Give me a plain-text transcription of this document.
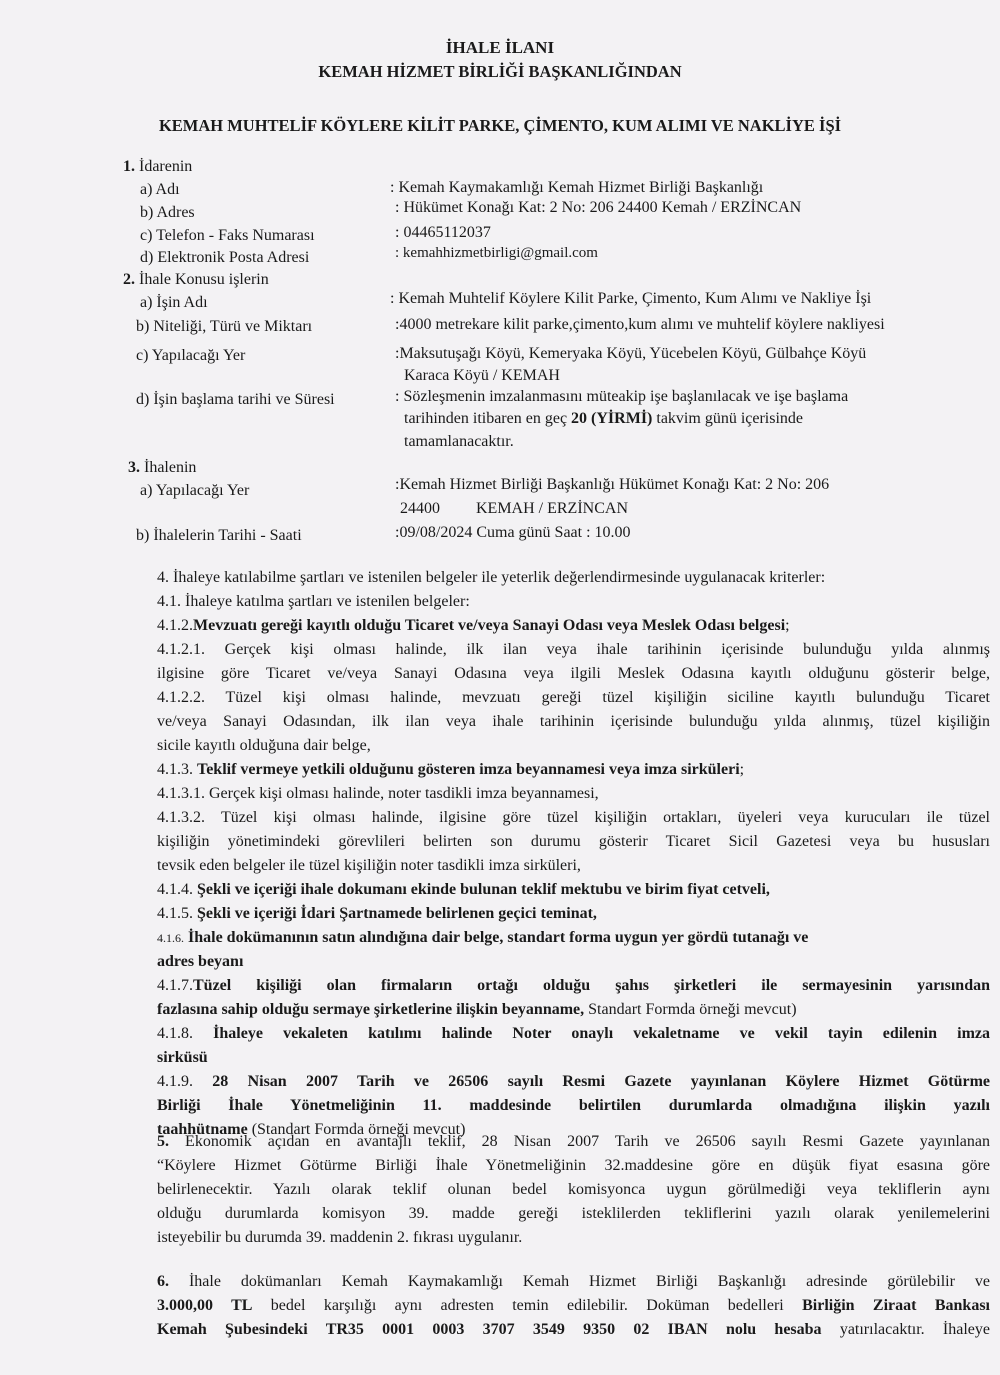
İHALE İLANI
KEMAH HİZMET BİRLİĞİ BAŞKANLIĞINDAN
KEMAH MUHTELİF KÖYLERE KİLİT PARKE, ÇİMENTO, KUM ALIMI VE NAKLİYE İŞİ
1. İdarenin
a) Adı	: Kemah Kaymakamlığı Kemah Hizmet Birliği Başkanlığı
b) Adres	: Hükümet Konağı Kat: 2 No: 206 24400 Kemah / ERZİNCAN
c) Telefon - Faks Numarası	: 04465112037
d) Elektronik Posta Adresi	: kemahhizmetbirligi@gmail.com
2. İhale Konusu işlerin
a) İşin Adı	: Kemah Muhtelif Köylere Kilit Parke, Çimento, Kum Alımı ve Nakliye İşi
b) Niteliği, Türü ve Miktarı	:4000 metrekare kilit parke,çimento,kum alımı ve muhtelif köylere nakliyesi
c) Yapılacağı Yer	:Maksutuşağı Köyü, Kemeryaka Köyü, Yücebelen Köyü, Gülbahçe Köyü
Karaca Köyü / KEMAH
d) İşin başlama tarihi ve Süresi	: Sözleşmenin imzalanmasını müteakip işe başlanılacak ve işe başlama
tarihinden itibaren en geç 20 (YİRMİ) takvim günü içerisinde
tamamlanacaktır.
3. İhalenin
a) Yapılacağı Yer	:Kemah Hizmet Birliği Başkanlığı Hükümet Konağı Kat: 2 No: 206
24400         KEMAH / ERZİNCAN
b) İhalelerin Tarihi - Saati	:09/08/2024 Cuma günü Saat : 10.00
4. İhaleye katılabilme şartları ve istenilen belgeler ile yeterlik değerlendirmesinde uygulanacak kriterler:
4.1. İhaleye katılma şartları ve istenilen belgeler:
4.1.2.Mevzuatı gereği kayıtlı olduğu Ticaret ve/veya Sanayi Odası veya Meslek Odası belgesi;
4.1.2.1. Gerçek kişi olması halinde, ilk ilan veya ihale tarihinin içerisinde bulunduğu yılda alınmış
ilgisine göre Ticaret ve/veya Sanayi Odasına veya ilgili Meslek Odasına kayıtlı olduğunu gösterir belge,
4.1.2.2. Tüzel kişi olması halinde, mevzuatı gereği tüzel kişiliğin siciline kayıtlı bulunduğu Ticaret
ve/veya Sanayi Odasından, ilk ilan veya ihale tarihinin içerisinde bulunduğu yılda alınmış, tüzel kişiliğin
sicile kayıtlı olduğuna dair belge,
4.1.3. Teklif vermeye yetkili olduğunu gösteren imza beyannamesi veya imza sirküleri;
4.1.3.1. Gerçek kişi olması halinde, noter tasdikli imza beyannamesi,
4.1.3.2. Tüzel kişi olması halinde, ilgisine göre tüzel kişiliğin ortakları, üyeleri veya kurucuları ile tüzel
kişiliğin yönetimindeki görevlileri belirten son durumu gösterir Ticaret Sicil Gazetesi veya bu hususları
tevsik eden belgeler ile tüzel kişiliğin noter tasdikli imza sirküleri,
4.1.4. Şekli ve içeriği ihale dokumanı ekinde bulunan teklif mektubu ve birim fiyat cetveli,
4.1.5. Şekli ve içeriği İdari Şartnamede belirlenen geçici teminat,
4.1.6. İhale dokümanının satın alındığına dair belge, standart forma uygun yer gördü tutanağı ve
adres beyanı
4.1.7.Tüzel kişiliği olan firmaların ortağı olduğu şahıs şirketleri ile sermayesinin yarısından
fazlasına sahip olduğu sermaye şirketlerine ilişkin beyanname, Standart Formda örneği mevcut)
4.1.8. İhaleye vekaleten katılımı halinde Noter onaylı vekaletname ve vekil tayin edilenin imza
sirküsü
4.1.9. 28 Nisan 2007 Tarih ve 26506 sayılı Resmi Gazete yayınlanan Köylere Hizmet Götürme
Birliği İhale Yönetmeliğinin 11. maddesinde belirtilen durumlarda olmadığına ilişkin yazılı
taahhütname (Standart Formda örneği mevcut)
5. Ekonomik açıdan en avantajlı teklif, 28 Nisan 2007 Tarih ve 26506 sayılı Resmi Gazete yayınlanan
“Köylere Hizmet Götürme Birliği İhale Yönetmeliğinin 32.maddesine göre en düşük fiyat esasına göre
belirlenecektir. Yazılı olarak teklif olunan bedel komisyonca uygun görülmediği veya tekliflerin aynı
olduğu durumlarda komisyon 39. madde gereği isteklilerden tekliflerini yazılı olarak yenilemelerini
isteyebilir bu durumda 39. maddenin 2. fıkrası uygulanır.
6. İhale dokümanları Kemah Kaymakamlığı Kemah Hizmet Birliği Başkanlığı adresinde görülebilir ve
3.000,00 TL bedel karşılığı aynı adresten temin edilebilir. Doküman bedelleri Birliğin Ziraat Bankası
Kemah Şubesindeki TR35 0001 0003 3707 3549 9350 02 IBAN nolu hesaba yatırılacaktır. İhaleye
